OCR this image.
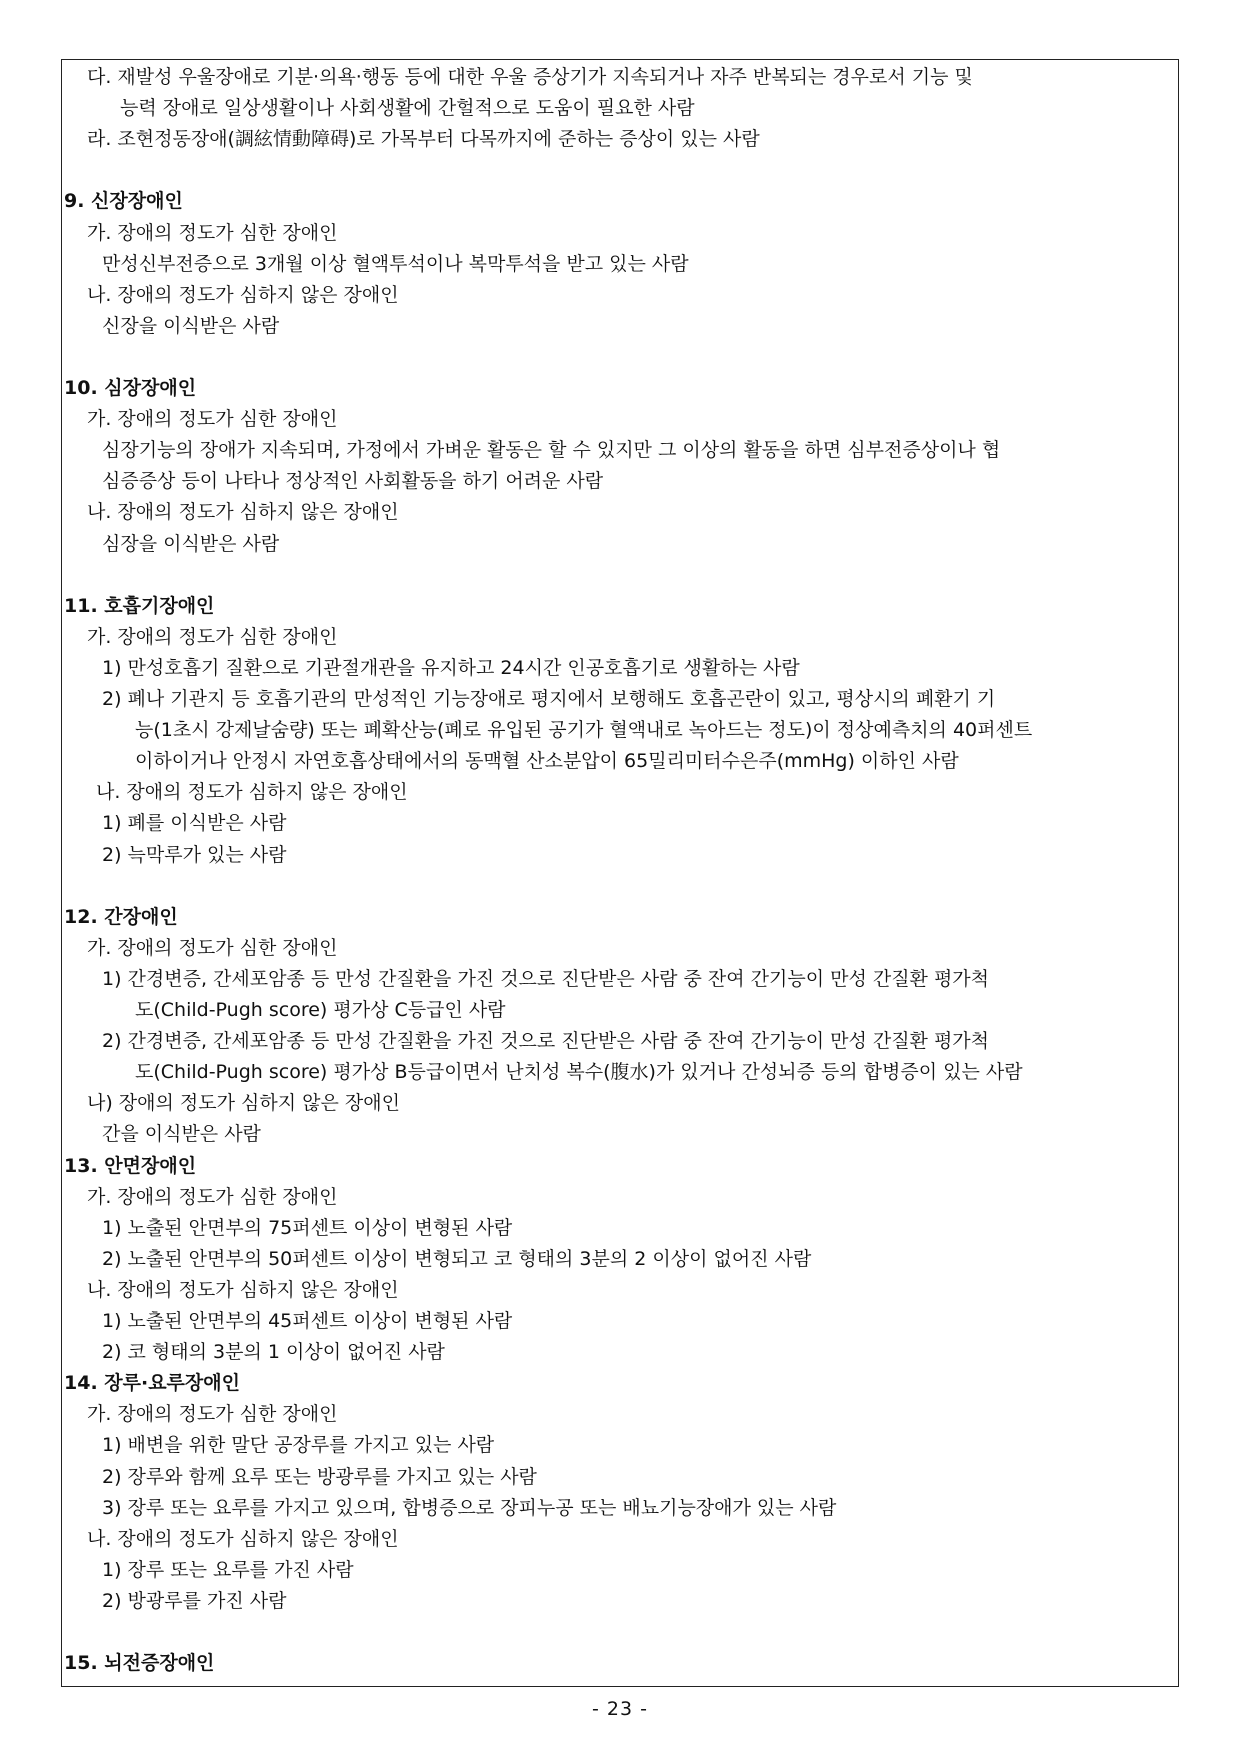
다. 재발성 우울장애로 기분·의욕·행동 등에 대한 우울 증상기가 지속되거나 자주 반복되는 경우로서 기능 및
능력 장애로 일상생활이나 사회생활에 간헐적으로 도움이 필요한 사람
라. 조현정동장애(調絃情動障碍)로 가목부터 다목까지에 준하는 증상이 있는 사람
9. 신장장애인
가. 장애의 정도가 심한 장애인
만성신부전증으로 3개월 이상 혈액투석이나 복막투석을 받고 있는 사람
나. 장애의 정도가 심하지 않은 장애인
신장을 이식받은 사람
10. 심장장애인
가. 장애의 정도가 심한 장애인
심장기능의 장애가 지속되며, 가정에서 가벼운 활동은 할 수 있지만 그 이상의 활동을 하면 심부전증상이나 협
심증증상 등이 나타나 정상적인 사회활동을 하기 어려운 사람
나. 장애의 정도가 심하지 않은 장애인
심장을 이식받은 사람
11. 호흡기장애인
가. 장애의 정도가 심한 장애인
1) 만성호흡기 질환으로 기관절개관을 유지하고 24시간 인공호흡기로 생활하는 사람
2) 폐나 기관지 등 호흡기관의 만성적인 기능장애로 평지에서 보행해도 호흡곤란이 있고, 평상시의 폐환기 기
능(1초시 강제날숨량) 또는 폐확산능(폐로 유입된 공기가 혈액내로 녹아드는 정도)이 정상예측치의 40퍼센트
이하이거나 안정시 자연호흡상태에서의 동맥혈 산소분압이 65밀리미터수은주(mmHg) 이하인 사람
나. 장애의 정도가 심하지 않은 장애인
1) 폐를 이식받은 사람
2) 늑막루가 있는 사람
12. 간장애인
가. 장애의 정도가 심한 장애인
1) 간경변증, 간세포암종 등 만성 간질환을 가진 것으로 진단받은 사람 중 잔여 간기능이 만성 간질환 평가척
도(Child-Pugh score) 평가상 C등급인 사람
2) 간경변증, 간세포암종 등 만성 간질환을 가진 것으로 진단받은 사람 중 잔여 간기능이 만성 간질환 평가척
도(Child-Pugh score) 평가상 B등급이면서 난치성 복수(腹水)가 있거나 간성뇌증 등의 합병증이 있는 사람
나) 장애의 정도가 심하지 않은 장애인
간을 이식받은 사람
13. 안면장애인
가. 장애의 정도가 심한 장애인
1) 노출된 안면부의 75퍼센트 이상이 변형된 사람
2) 노출된 안면부의 50퍼센트 이상이 변형되고 코 형태의 3분의 2 이상이 없어진 사람
나. 장애의 정도가 심하지 않은 장애인
1) 노출된 안면부의 45퍼센트 이상이 변형된 사람
2) 코 형태의 3분의 1 이상이 없어진 사람
14. 장루·요루장애인
가. 장애의 정도가 심한 장애인
1) 배변을 위한 말단 공장루를 가지고 있는 사람
2) 장루와 함께 요루 또는 방광루를 가지고 있는 사람
3) 장루 또는 요루를 가지고 있으며, 합병증으로 장피누공 또는 배뇨기능장애가 있는 사람
나. 장애의 정도가 심하지 않은 장애인
1) 장루 또는 요루를 가진 사람
2) 방광루를 가진 사람
15. 뇌전증장애인
- 23 -
